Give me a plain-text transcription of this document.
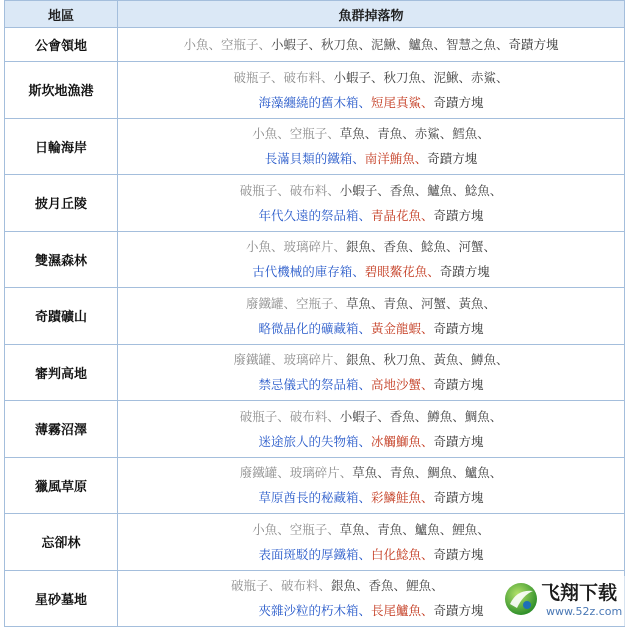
地區	魚群掉落物
公會領地	小魚、空瓶子、小蝦子、秋刀魚、泥鰍、鱸魚、智慧之魚、奇蹟方塊
斯坎地漁港
破瓶子、破布料、小蝦子、秋刀魚、泥鰍、赤鯊、
海藻纏繞的舊木箱、短尾真鯊、奇蹟方塊
日輪海岸
小魚、空瓶子、草魚、青魚、赤鯊、鱈魚、
長滿貝類的鐵箱、南洋鮪魚、奇蹟方塊
披月丘陵
破瓶子、破布料、小蝦子、香魚、鱸魚、鯰魚、
年代久遠的祭品箱、青晶花魚、奇蹟方塊
雙濕森林
小魚、玻璃碎片、銀魚、香魚、鯰魚、河蟹、
古代機械的庫存箱、碧眼鰲花魚、奇蹟方塊
奇蹟礦山
廢鐵罐、空瓶子、草魚、青魚、河蟹、黃魚、
略微晶化的礦藏箱、黃金龍蝦、奇蹟方塊
審判高地
廢鐵罐、玻璃碎片、銀魚、秋刀魚、黃魚、鱒魚、
禁忌儀式的祭品箱、高地沙蟹、奇蹟方塊
薄霧沼澤
破瓶子、破布料、小蝦子、香魚、鱒魚、鯛魚、
迷途旅人的失物箱、冰觸鰤魚、奇蹟方塊
獵風草原
廢鐵罐、玻璃碎片、草魚、青魚、鯛魚、鱸魚、
草原酋長的秘藏箱、彩鱗鮭魚、奇蹟方塊
忘卻林
小魚、空瓶子、草魚、青魚、鱸魚、鯉魚、
表面斑駁的厚鐵箱、白化鯰魚、奇蹟方塊
星砂墓地
破瓶子、破布料、銀魚、香魚、鯉魚、
夾雜沙粒的朽木箱、長尾鱸魚、奇蹟方塊
飞翔下载
www.52z.com
